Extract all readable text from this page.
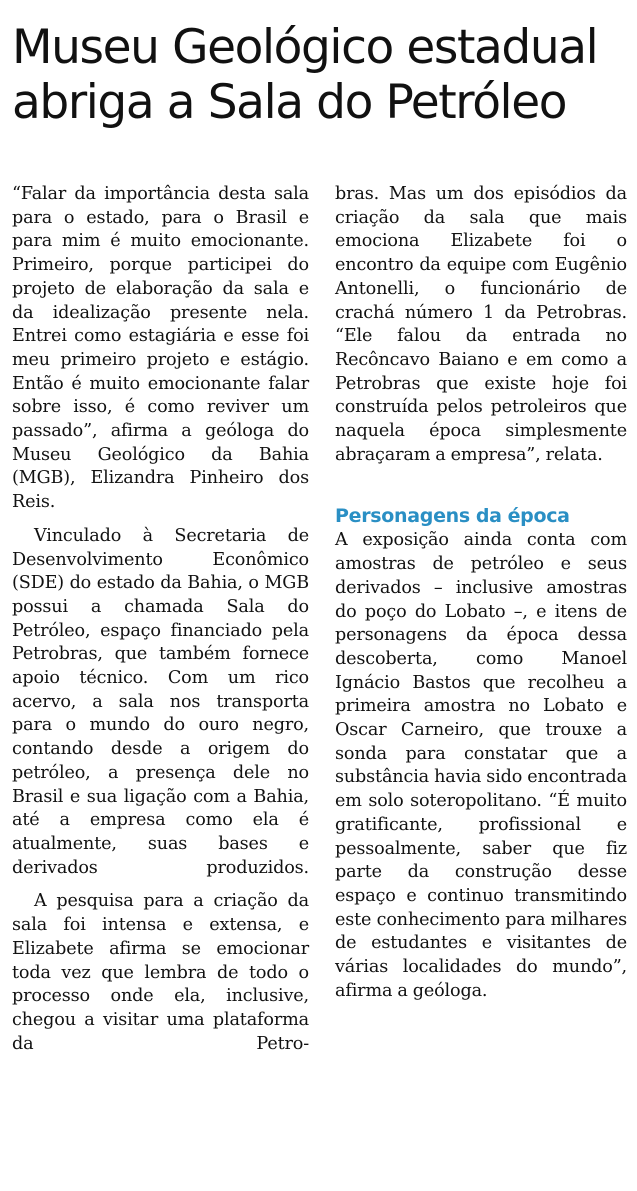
Museu Geológico estadual
abriga a Sala do Petróleo

“Falar da importância desta sala para o estado, para o Brasil e para mim é muito emocionante. Primeiro, porque participei do projeto de elaboração da sala e da idealização presente nela. Entrei como estagiária e esse foi meu primeiro projeto e estágio. Então é muito emocionante falar sobre isso, é como reviver um passado”, afirma a geóloga do Museu Geológico da Bahia (MGB), Elizandra Pinheiro dos Reis.

Vinculado à Secretaria de Desenvolvimento Econômico (SDE) do estado da Bahia, o MGB possui a chamada Sala do Petróleo, espaço financiado pela Petrobras, que também fornece apoio técnico. Com um rico acervo, a sala nos transporta para o mundo do ouro negro, contando desde a origem do petróleo, a presença dele no Brasil e sua ligação com a Bahia, até a empresa como ela é atualmente, suas bases e derivados produzidos.

A pesquisa para a criação da sala foi intensa e extensa, e Elizabete afirma se emocionar toda vez que lembra de todo o processo onde ela, inclusive, chegou a visitar uma plataforma da Petro-

bras. Mas um dos episódios da criação da sala que mais emociona Elizabete foi o encontro da equipe com Eugênio Antonelli, o funcionário de crachá número 1 da Petrobras. “Ele falou da entrada no Recôncavo Baiano e em como a Petrobras que existe hoje foi construída pelos petroleiros que naquela época simplesmente abraçaram a empresa”, relata.

Personagens da época

A exposição ainda conta com amostras de petróleo e seus derivados – inclusive amostras do poço do Lobato –, e itens de personagens da época dessa descoberta, como Manoel Ignácio Bastos que recolheu a primeira amostra no Lobato e Oscar Carneiro, que trouxe a sonda para constatar que a substância havia sido encontrada em solo soteropolitano. “É muito gratificante, profissional e pessoalmente, saber que fiz parte da construção desse espaço e continuo transmitindo este conhecimento para milhares de estudantes e visitantes de várias localidades do mundo”, afirma a geóloga.
